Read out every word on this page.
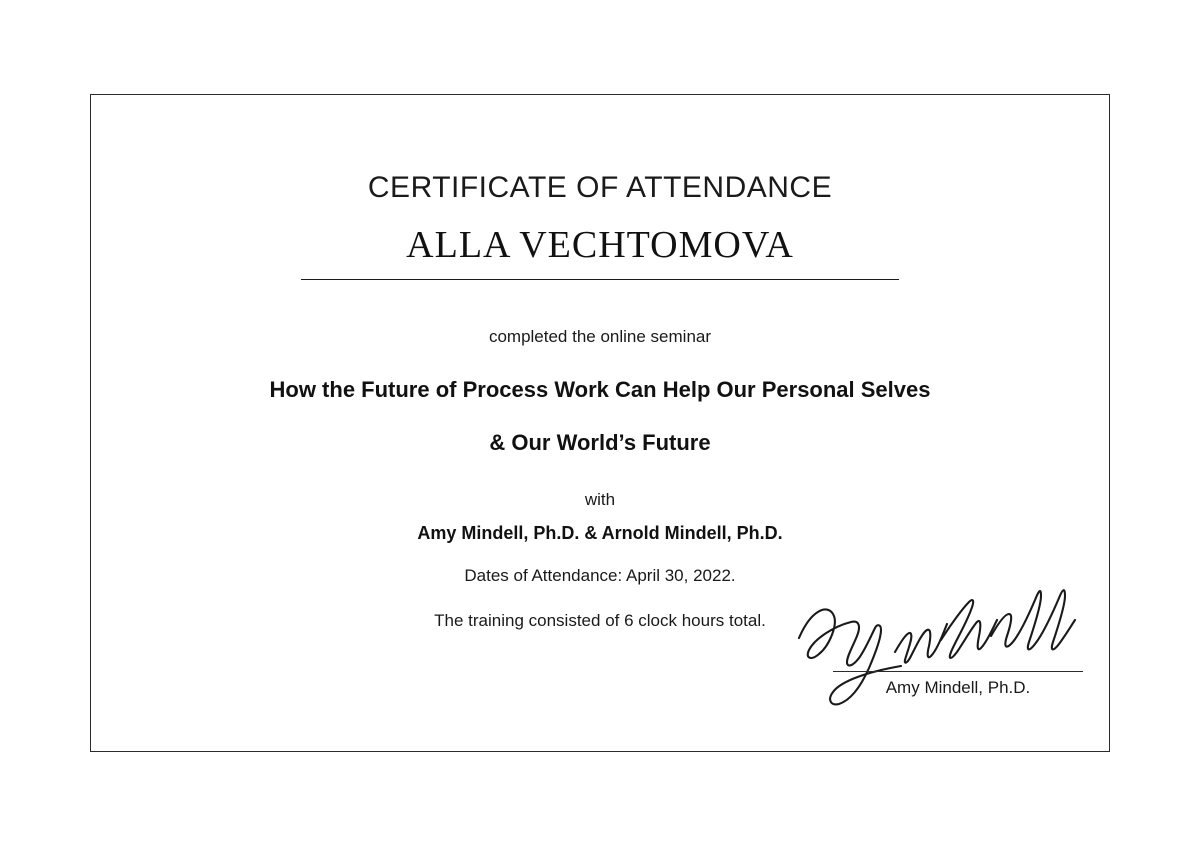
CERTIFICATE OF ATTENDANCE
ALLA VECHTOMOVA
completed the online seminar
How the Future of Process Work Can Help Our Personal Selves
& Our World’s Future
with
Amy Mindell, Ph.D. & Arnold Mindell, Ph.D.
Dates of Attendance: April 30, 2022.
The training consisted of 6 clock hours total.
Amy Mindell, Ph.D.
